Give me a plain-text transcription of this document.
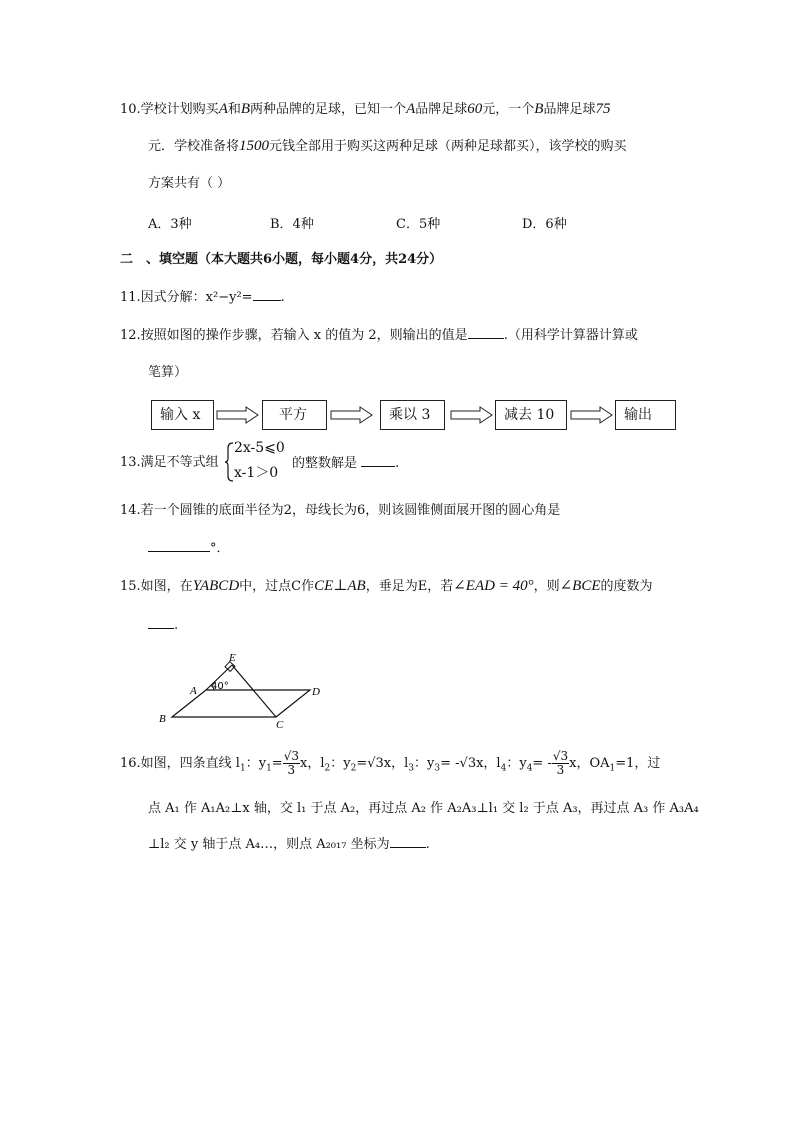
10.学校计划购买A和B两种品牌的足球，已知一个A品牌足球60元，一个B品牌足球75
元．学校准备将1500元钱全部用于购买这两种足球（两种足球都买），该学校的购买
方案共有（ ）
A．3种	B．4种	C．5种	D．6种
二　、填空题（本大题共6小题，每小题4分，共24分）
11.因式分解：x²−y²= .
12.按照如图的操作步骤，若输入 x 的值为 2，则输出的值是	.（用科学计算器计算或
笔算）
输入 x	平方	乘以 3	减去 10	输出
13.满足不等式组
2x-5⩽0
x-1＞0
的整数解是	.
14.若一个圆锥的底面半径为2，母线长为6，则该圆锥侧面展开图的圆心角是
°．
15.如图，在YABCD中，过点C作CE⊥AB，垂足为E，若∠EAD = 40°，则∠BCE的度数为
.
E
A	D
B	C
40°
16.如图，四条直线 $l_1$：$y_1= \frac{√3}{3}$ x，$l_2$：$y_2=√3x$，$l_3$：$y_3= -√3x$，$l_4$：$y_4= - \frac{√3}{3}$ x，$OA_1=1$，过
点 A₁ 作 A₁A₂⊥x 轴，交 l₁ 于点 A₂，再过点 A₂ 作 A₂A₃⊥l₁ 交 l₂ 于点 A₃，再过点 A₃ 作 A₃A₄
⊥l₂ 交 y 轴于点 A₄…，则点 A₂₀₁₇ 坐标为	.
